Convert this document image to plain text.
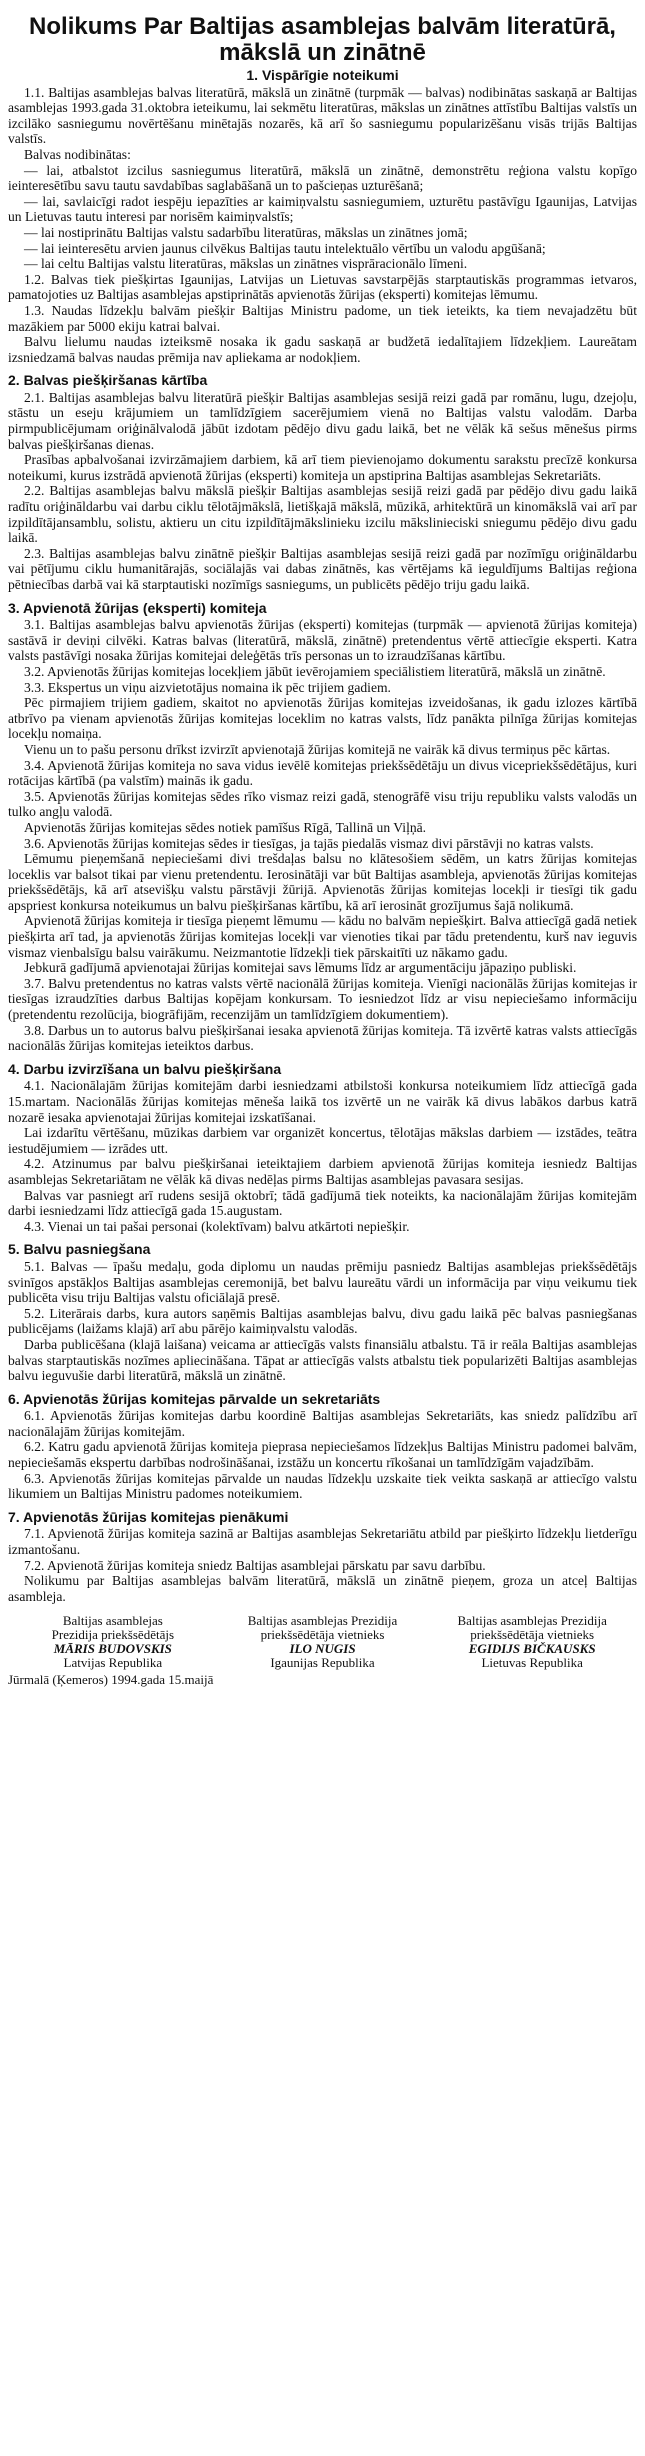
Nolikums Par Baltijas asamblejas balvām literatūrā, mākslā un zinātnē
1. Vispārīgie noteikumi

1.1. Baltijas asamblejas balvas literatūrā, mākslā un zinātnē (turpmāk — balvas) nodibinātas saskaņā ar Baltijas asamblejas 1993.gada 31.oktobra ieteikumu, lai sekmētu literatūras, mākslas un zinātnes attīstību Baltijas valstīs un izcilāko sasniegumu novērtēšanu minētajās nozarēs, kā arī šo sasniegumu popularizēšanu visās trijās Baltijas valstīs.

Balvas nodibinātas:

— lai, atbalstot izcilus sasniegumus literatūrā, mākslā un zinātnē, demonstrētu reģiona valstu kopīgo ieinteresētību savu tautu savdabības saglabāšanā un to pašcieņas uzturēšanā;

— lai, savlaicīgi radot iespēju iepazīties ar kaimiņvalstu sasniegumiem, uzturētu pastāvīgu Igaunijas, Latvijas un Lietuvas tautu interesi par norisēm kaimiņvalstīs;

— lai nostiprinātu Baltijas valstu sadarbību literatūras, mākslas un zinātnes jomā;

— lai ieinteresētu arvien jaunus cilvēkus Baltijas tautu intelektuālo vērtību un valodu apgūšanā;

— lai celtu Baltijas valstu literatūras, mākslas un zinātnes visprāracionālo līmeni.

1.2. Balvas tiek piešķirtas Igaunijas, Latvijas un Lietuvas savstarpējās starptautiskās programmas ietvaros, pamatojoties uz Baltijas asamblejas apstiprinātās apvienotās žūrijas (eksperti) komitejas lēmumu.

1.3. Naudas līdzekļu balvām piešķir Baltijas Ministru padome, un tiek ieteikts, ka tiem nevajadzētu būt mazākiem par 5000 ekiju katrai balvai.

Balvu lielumu naudas izteiksmē nosaka ik gadu saskaņā ar budžetā iedalītajiem līdzekļiem. Laureātam izsniedzamā balvas naudas prēmija nav apliekama ar nodokļiem.

2. Balvas piešķiršanas kārtība

2.1. Baltijas asamblejas balvu literatūrā piešķir Baltijas asamblejas sesijā reizi gadā par romānu, lugu, dzejoļu, stāstu un eseju krājumiem un tamlīdzīgiem sacerējumiem vienā no Baltijas valstu valodām. Darba pirmpublicējumam oriģinālvalodā jābūt izdotam pēdējo divu gadu laikā, bet ne vēlāk kā sešus mēnešus pirms balvas piešķiršanas dienas.

Prasības apbalvošanai izvirzāmajiem darbiem, kā arī tiem pievienojamo dokumentu sarakstu precīzē konkursa noteikumi, kurus izstrādā apvienotā žūrijas (eksperti) komiteja un apstiprina Baltijas asamblejas Sekretariāts.

2.2. Baltijas asamblejas balvu mākslā piešķir Baltijas asamblejas sesijā reizi gadā par pēdējo divu gadu laikā radītu oriģināldarbu vai darbu ciklu tēlotājmākslā, lietišķajā mākslā, mūzikā, arhitektūrā un kinomākslā vai arī par izpildītājansamblu, solistu, aktieru un citu izpildītājmākslinieku izcilu mākslinieciski sniegumu pēdējo divu gadu laikā.

2.3. Baltijas asamblejas balvu zinātnē piešķir Baltijas asamblejas sesijā reizi gadā par nozīmīgu oriģināldarbu vai pētījumu ciklu humanitārajās, sociālajās vai dabas zinātnēs, kas vērtējams kā ieguldījums Baltijas reģiona pētniecības darbā vai kā starptautiski nozīmīgs sasniegums, un publicēts pēdējo triju gadu laikā.

3. Apvienotā žūrijas (eksperti) komiteja

3.1. Baltijas asamblejas balvu apvienotās žūrijas (eksperti) komitejas (turpmāk — apvienotā žūrijas komiteja) sastāvā ir deviņi cilvēki. Katras balvas (literatūrā, mākslā, zinātnē) pretendentus vērtē attiecīgie eksperti. Katra valsts pastāvīgi nosaka žūrijas komitejai deleģētās trīs personas un to izraudzīšanas kārtību.

3.2. Apvienotās žūrijas komitejas locekļiem jābūt ievērojamiem speciālistiem literatūrā, mākslā un zinātnē.

3.3. Ekspertus un viņu aizvietotājus nomaina ik pēc trijiem gadiem.

Pēc pirmajiem trijiem gadiem, skaitot no apvienotās žūrijas komitejas izveidošanas, ik gadu izlozes kārtībā atbrīvo pa vienam apvienotās žūrijas komitejas loceklim no katras valsts, līdz panākta pilnīga žūrijas komitejas locekļu nomaiņa.

Vienu un to pašu personu drīkst izvirzīt apvienotajā žūrijas komitejā ne vairāk kā divus termiņus pēc kārtas.

3.4. Apvienotā žūrijas komiteja no sava vidus ievēlē komitejas priekšsēdētāju un divus vicepriekšsēdētājus, kuri rotācijas kārtībā (pa valstīm) mainās ik gadu.

3.5. Apvienotās žūrijas komitejas sēdes rīko vismaz reizi gadā, stenogrāfē visu triju republiku valsts valodās un tulko angļu valodā.

Apvienotās žūrijas komitejas sēdes notiek pamīšus Rīgā, Tallinā un Viļņā.

3.6. Apvienotās žūrijas komitejas sēdes ir tiesīgas, ja tajās piedalās vismaz divi pārstāvji no katras valsts.

Lēmumu pieņemšanā nepieciešami divi trešdaļas balsu no klātesošiem sēdēm, un katrs žūrijas komitejas loceklis var balsot tikai par vienu pretendentu. Ierosinātāji var būt Baltijas asambleja, apvienotās žūrijas komitejas priekšsēdētājs, kā arī atsevišķu valstu pārstāvji žūrijā. Apvienotās žūrijas komitejas locekļi ir tiesīgi tik gadu apspriest konkursa noteikumus un balvu piešķiršanas kārtību, kā arī ierosināt grozījumus šajā nolikumā.

Apvienotā žūrijas komiteja ir tiesīga pieņemt lēmumu — kādu no balvām nepiešķirt. Balva attiecīgā gadā netiek piešķirta arī tad, ja apvienotās žūrijas komitejas locekļi var vienoties tikai par tādu pretendentu, kurš nav ieguvis vismaz vienbalsīgu balsu vairākumu. Neizmantotie līdzekļi tiek pārskaitīti uz nākamo gadu.

Jebkurā gadījumā apvienotajai žūrijas komitejai savs lēmums līdz ar argumentāciju jāpaziņo publiski.

3.7. Balvu pretendentus no katras valsts vērtē nacionālā žūrijas komiteja. Vienīgi nacionālās žūrijas komitejas ir tiesīgas izraudzīties darbus Baltijas kopējam konkursam. To iesniedzot līdz ar visu nepieciešamo informāciju (pretendentu rezolūcija, biogrāfijām, recenzijām un tamlīdzīgiem dokumentiem).

3.8. Darbus un to autorus balvu piešķiršanai iesaka apvienotā žūrijas komiteja. Tā izvērtē katras valsts attiecīgās nacionālās žūrijas komitejas ieteiktos darbus.

4. Darbu izvirzīšana un balvu piešķiršana

4.1. Nacionālajām žūrijas komitejām darbi iesniedzami atbilstoši konkursa noteikumiem līdz attiecīgā gada 15.martam. Nacionālās žūrijas komitejas mēneša laikā tos izvērtē un ne vairāk kā divus labākos darbus katrā nozarē iesaka apvienotajai žūrijas komitejai izskatīšanai.

Lai izdarītu vērtēšanu, mūzikas darbiem var organizēt koncertus, tēlotājas mākslas darbiem — izstādes, teātra iestudējumiem — izrādes utt.

4.2. Atzinumus par balvu piešķiršanai ieteiktajiem darbiem apvienotā žūrijas komiteja iesniedz Baltijas asamblejas Sekretariātam ne vēlāk kā divas nedēļas pirms Baltijas asamblejas pavasara sesijas.

Balvas var pasniegt arī rudens sesijā oktobrī; tādā gadījumā tiek noteikts, ka nacionālajām žūrijas komitejām darbi iesniedzami līdz attiecīgā gada 15.augustam.

4.3. Vienai un tai pašai personai (kolektīvam) balvu atkārtoti nepiešķir.

5. Balvu pasniegšana

5.1. Balvas — īpašu medaļu, goda diplomu un naudas prēmiju pasniedz Baltijas asamblejas priekšsēdētājs svinīgos apstākļos Baltijas asamblejas ceremonijā, bet balvu laureātu vārdi un informācija par viņu veikumu tiek publicēta visu triju Baltijas valstu oficiālajā presē.

5.2. Literārais darbs, kura autors saņēmis Baltijas asamblejas balvu, divu gadu laikā pēc balvas pasniegšanas publicējams (laižams klajā) arī abu pārējo kaimiņvalstu valodās.

Darba publicēšana (klajā laišana) veicama ar attiecīgās valsts finansiālu atbalstu. Tā ir reāla Baltijas asamblejas balvas starptautiskās nozīmes apliecināšana. Tāpat ar attiecīgās valsts atbalstu tiek popularizēti Baltijas asamblejas balvu ieguvušie darbi literatūrā, mākslā un zinātnē.

6. Apvienotās žūrijas komitejas pārvalde un sekretariāts

6.1. Apvienotās žūrijas komitejas darbu koordinē Baltijas asamblejas Sekretariāts, kas sniedz palīdzību arī nacionālajām žūrijas komitejām.

6.2. Katru gadu apvienotā žūrijas komiteja pieprasa nepieciešamos līdzekļus Baltijas Ministru padomei balvām, nepieciešamās ekspertu darbības nodrošināšanai, izstāžu un koncertu rīkošanai un tamlīdzīgām vajadzībām.

6.3. Apvienotās žūrijas komitejas pārvalde un naudas līdzekļu uzskaite tiek veikta saskaņā ar attiecīgo valstu likumiem un Baltijas Ministru padomes noteikumiem.

7. Apvienotās žūrijas komitejas pienākumi

7.1. Apvienotā žūrijas komiteja sazinā ar Baltijas asamblejas Sekretariātu atbild par piešķirto līdzekļu lietderīgu izmantošanu.

7.2. Apvienotā žūrijas komiteja sniedz Baltijas asamblejai pārskatu par savu darbību.

Nolikumu par Baltijas asamblejas balvām literatūrā, mākslā un zinātnē pieņem, groza un atceļ Baltijas asambleja.

Baltijas asamblejas
Prezidija priekšsēdētājs
MĀRIS BUDOVSKIS
Latvijas Republika
Baltijas asamblejas Prezidija
priekšsēdētāja vietnieks
ILO NUGIS
Igaunijas Republika
Baltijas asamblejas Prezidija
priekšsēdētāja vietnieks
EGIDIJS BIČKAUSKS
Lietuvas Republika
Jūrmalā (Ķemeros) 1994.gada 15.maijā
